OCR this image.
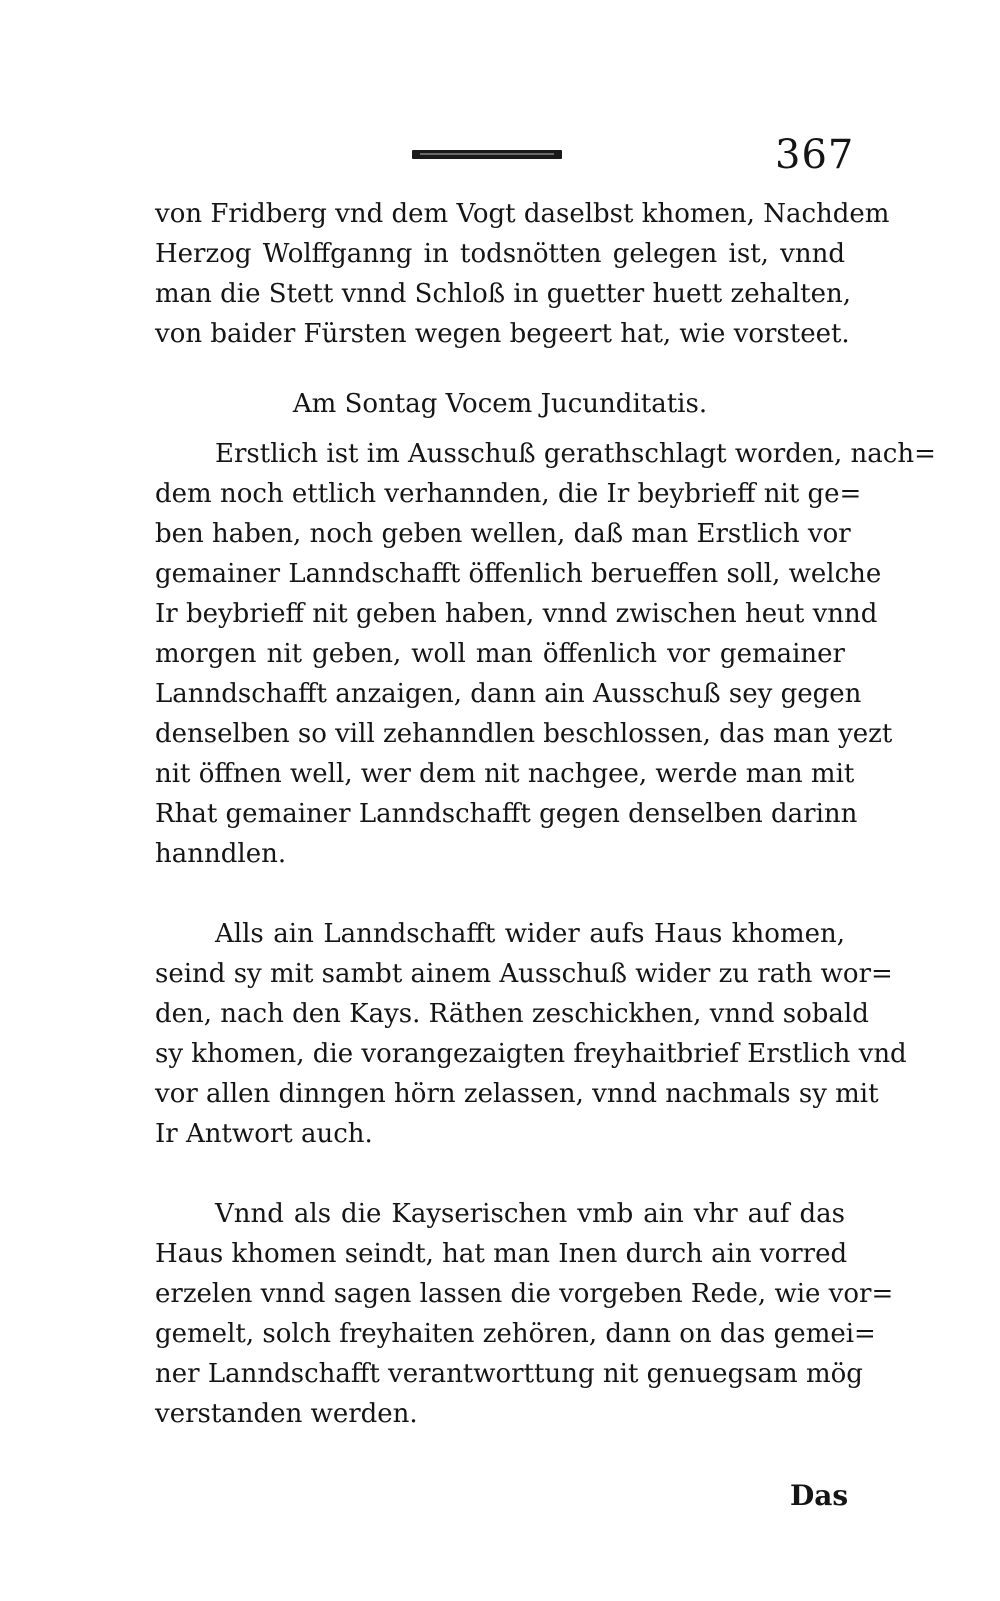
367
von Fridberg vnd dem Vogt daselbst khomen, Nachdem
Herzog Wolffganng in todsnötten gelegen ist, vnnd
man die Stett vnnd Schloß in guetter huett zehalten,
von baider Fürsten wegen begeert hat, wie vorsteet.
Am Sontag Vocem Jucunditatis.
Erstlich ist im Ausschuß gerathschlagt worden, nach=
dem noch ettlich verhannden, die Ir beybrieff nit ge=
ben haben, noch geben wellen, daß man Erstlich vor
gemainer Lanndschafft öffenlich berueffen soll, welche
Ir beybrieff nit geben haben, vnnd zwischen heut vnnd
morgen nit geben, woll man öffenlich vor gemainer
Lanndschafft anzaigen, dann ain Ausschuß sey gegen
denselben so vill zehanndlen beschlossen, das man yezt
nit öffnen well, wer dem nit nachgee, werde man mit
Rhat gemainer Lanndschafft gegen denselben darinn
hanndlen.
Alls ain Lanndschafft wider aufs Haus khomen,
seind sy mit sambt ainem Ausschuß wider zu rath wor=
den, nach den Kays. Räthen zeschickhen, vnnd sobald
sy khomen, die vorangezaigten freyhaitbrief Erstlich vnd
vor allen dinngen hörn zelassen, vnnd nachmals sy mit
Ir Antwort auch.
Vnnd als die Kayserischen vmb ain vhr auf das
Haus khomen seindt, hat man Inen durch ain vorred
erzelen vnnd sagen lassen die vorgeben Rede, wie vor=
gemelt, solch freyhaiten zehören, dann on das gemei=
ner Lanndschafft verantworttung nit genuegsam mög
verstanden werden.
Das
